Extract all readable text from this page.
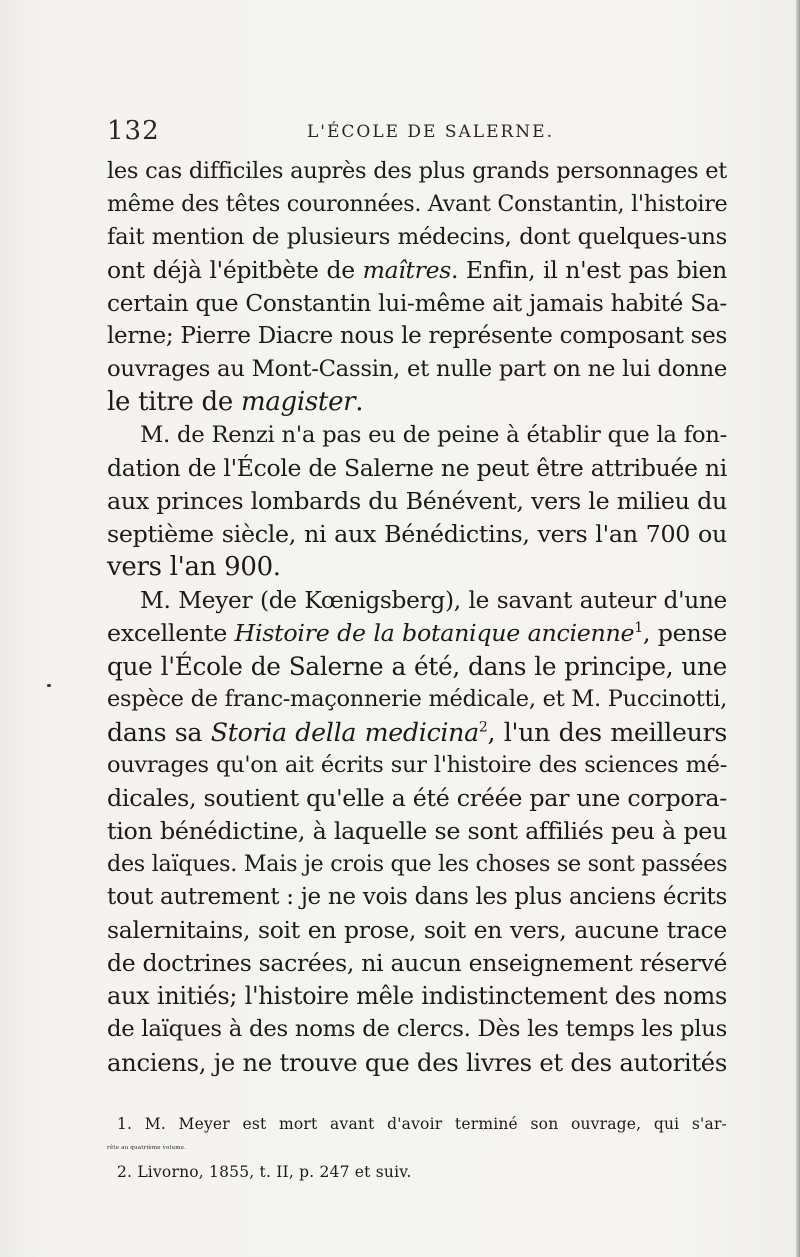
132	L'ÉCOLE DE SALERNE.
les cas difficiles auprès des plus grands personnages et
même des têtes couronnées. Avant Constantin, l'histoire
fait mention de plusieurs médecins, dont quelques-uns
ont déjà l'épitbète de maîtres. Enfin, il n'est pas bien
certain que Constantin lui-même ait jamais habité Sa-
lerne; Pierre Diacre nous le représente composant ses
ouvrages au Mont-Cassin, et nulle part on ne lui donne
le titre de magister.
M. de Renzi n'a pas eu de peine à établir que la fon-
dation de l'École de Salerne ne peut être attribuée ni
aux princes lombards du Bénévent, vers le milieu du
septième siècle, ni aux Bénédictins, vers l'an 700 ou
vers l'an 900.
M. Meyer (de Kœnigsberg), le savant auteur d'une
excellente Histoire de la botanique ancienne$^1$, pense
que l'École de Salerne a été, dans le principe, une
espèce de franc-maçonnerie médicale, et M. Puccinotti,
dans sa Storia della medicina$^2$, l'un des meilleurs
ouvrages qu'on ait écrits sur l'histoire des sciences mé-
dicales, soutient qu'elle a été créée par une corpora-
tion bénédictine, à laquelle se sont affiliés peu à peu
des laïques. Mais je crois que les choses se sont passées
tout autrement : je ne vois dans les plus anciens écrits
salernitains, soit en prose, soit en vers, aucune trace
de doctrines sacrées, ni aucun enseignement réservé
aux initiés; l'histoire mêle indistinctement des noms
de laïques à des noms de clercs. Dès les temps les plus
anciens, je ne trouve que des livres et des autorités
1. M. Meyer est mort avant d'avoir terminé son ouvrage, qui s'ar-
rête au quatrième volume.
2. Livorno, 1855, t. II, p. 247 et suiv.
